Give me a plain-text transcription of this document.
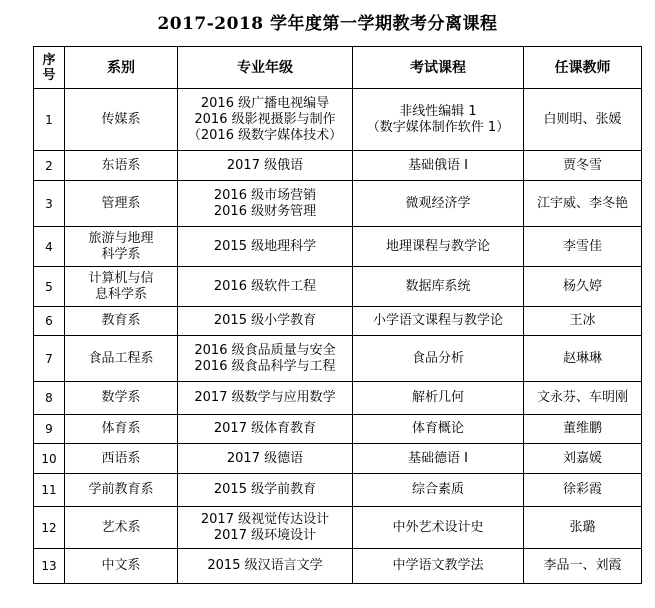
2017-2018 学年度第一学期教考分离课程
序号	系别	专业年级	考试课程	任课教师
1	传媒系	2016 级广播电视编导
2016 级影视摄影与制作
（2016 级数字媒体技术）	非线性编辑 1
（数字媒体制作软件 1）	白则明、张媛
2	东语系	2017 级俄语	基础俄语 I	贾冬雪
3	管理系	2016 级市场营销
2016 级财务管理	微观经济学	江宇威、李冬艳
4	旅游与地理
科学系	2015 级地理科学	地理课程与教学论	李雪佳
5	计算机与信
息科学系	2016 级软件工程	数据库系统	杨久婷
6	教育系	2015 级小学教育	小学语文课程与教学论	王冰
7	食品工程系	2016 级食品质量与安全
2016 级食品科学与工程	食品分析	赵琳琳
8	数学系	2017 级数学与应用数学	解析几何	文永芬、车明刚
9	体育系	2017 级体育教育	体育概论	董维鹏
10	西语系	2017 级德语	基础德语 I	刘嘉媛
11	学前教育系	2015 级学前教育	综合素质	徐彩霞
12	艺术系	2017 级视觉传达设计
2017 级环境设计	中外艺术设计史	张璐
13	中文系	2015 级汉语言文学	中学语文教学法	李品一、刘霞
